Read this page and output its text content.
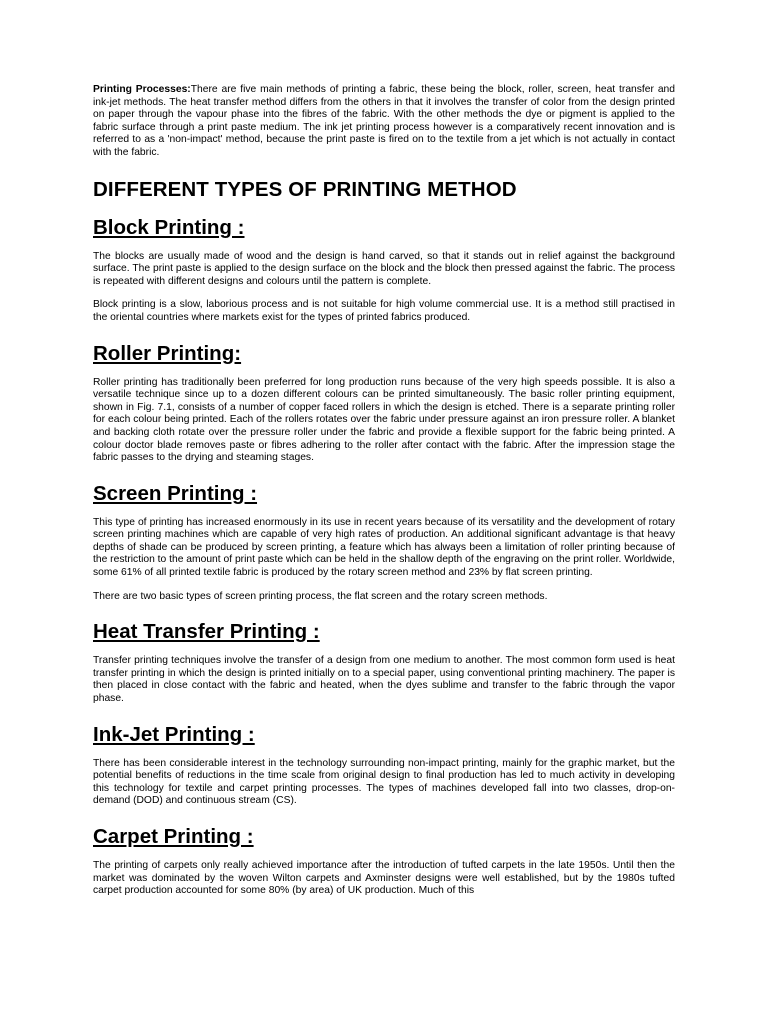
Printing Processes:There are five main methods of printing a fabric, these being the block, roller, screen, heat transfer and ink-jet methods. The heat transfer method differs from the others in that it involves the transfer of color from the design printed on paper through the vapour phase into the fibres of the fabric. With the other methods the dye or pigment is applied to the fabric surface through a print paste medium. The ink jet printing process however is a comparatively recent innovation and is referred to as a 'non-impact' method, because the print paste is fired on to the textile from a jet which is not actually in contact with the fabric.

DIFFERENT TYPES OF PRINTING METHOD
Block Printing :

The blocks are usually made of wood and the design is hand carved, so that it stands out in relief against the background surface. The print paste is applied to the design surface on the block and the block then pressed against the fabric. The process is repeated with different designs and colours until the pattern is complete.

Block printing is a slow, laborious process and is not suitable for high volume commercial use. It is a method still practised in the oriental countries where markets exist for the types of printed fabrics produced.

Roller Printing:

Roller printing has traditionally been preferred for long production runs because of the very high speeds possible. It is also a versatile technique since up to a dozen different colours can be printed simultaneously. The basic roller printing equipment, shown in Fig. 7.1, consists of a number of copper faced rollers in which the design is etched. There is a separate printing roller for each colour being printed. Each of the rollers rotates over the fabric under pressure against an iron pressure roller. A blanket and backing cloth rotate over the pressure roller under the fabric and provide a flexible support for the fabric being printed. A colour doctor blade removes paste or fibres adhering to the roller after contact with the fabric. After the impression stage the fabric passes to the drying and steaming stages.

Screen Printing :

This type of printing has increased enormously in its use in recent years because of its versatility and the development of rotary screen printing machines which are capable of very high rates of production. An additional significant advantage is that heavy depths of shade can be produced by screen printing, a feature which has always been a limitation of roller printing because of the restriction to the amount of print paste which can be held in the shallow depth of the engraving on the print roller. Worldwide, some 61% of all printed textile fabric is produced by the rotary screen method and 23% by flat screen printing.

There are two basic types of screen printing process, the flat screen and the rotary screen methods.

Heat Transfer Printing :

Transfer printing techniques involve the transfer of a design from one medium to another. The most common form used is heat transfer printing in which the design is printed initially on to a special paper, using conventional printing machinery. The paper is then placed in close contact with the fabric and heated, when the dyes sublime and transfer to the fabric through the vapor phase.

Ink-Jet Printing :

There has been considerable interest in the technology surrounding non-impact printing, mainly for the graphic market, but the potential benefits of reductions in the time scale from original design to final production has led to much activity in developing this technology for textile and carpet printing processes. The types of machines developed fall into two classes, drop-on-demand (DOD) and continuous stream (CS).

Carpet Printing :

The printing of carpets only really achieved importance after the introduction of tufted carpets in the late 1950s. Until then the market was dominated by the woven Wilton carpets and Axminster designs were well established, but by the 1980s tufted carpet production accounted for some 80% (by area) of UK production. Much of this
